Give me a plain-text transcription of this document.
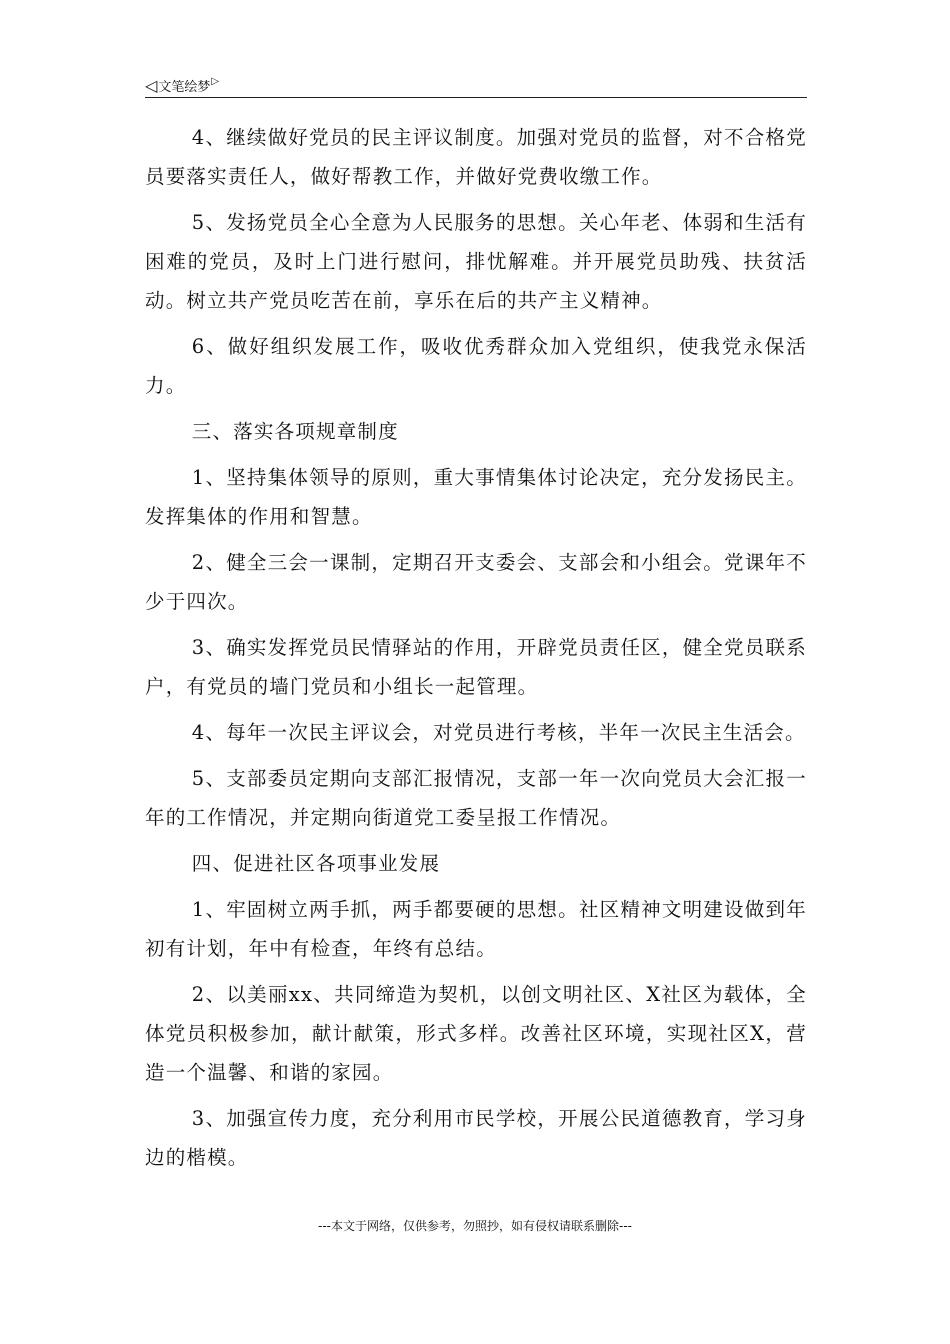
◁ 文笔绘梦 ▷

4、继续做好党员的民主评议制度。加强对党员的监督，对不合格党员要落实责任人，做好帮教工作，并做好党费收缴工作。

5、发扬党员全心全意为人民服务的思想。关心年老、体弱和生活有困难的党员，及时上门进行慰问，排忧解难。并开展党员助残、扶贫活动。树立共产党员吃苦在前，享乐在后的共产主义精神。

6、做好组织发展工作，吸收优秀群众加入党组织，使我党永保活力。

三、落实各项规章制度

1、坚持集体领导的原则，重大事情集体讨论决定，充分发扬民主。发挥集体的作用和智慧。

2、健全三会一课制，定期召开支委会、支部会和小组会。党课年不少于四次。

3、确实发挥党员民情驿站的作用，开辟党员责任区，健全党员联系户，有党员的墙门党员和小组长一起管理。

4、每年一次民主评议会，对党员进行考核，半年一次民主生活会。

5、支部委员定期向支部汇报情况，支部一年一次向党员大会汇报一年的工作情况，并定期向街道党工委呈报工作情况。

四、促进社区各项事业发展

1、牢固树立两手抓，两手都要硬的思想。社区精神文明建设做到年初有计划，年中有检查，年终有总结。

2、以美丽xx、共同缔造为契机，以创文明社区、X社区为载体，全体党员积极参加，献计献策，形式多样。改善社区环境，实现社区X，营造一个温馨、和谐的家园。

3、加强宣传力度，充分利用市民学校，开展公民道德教育，学习身边的楷模。

---本文于网络，仅供参考，勿照抄，如有侵权请联系删除---
